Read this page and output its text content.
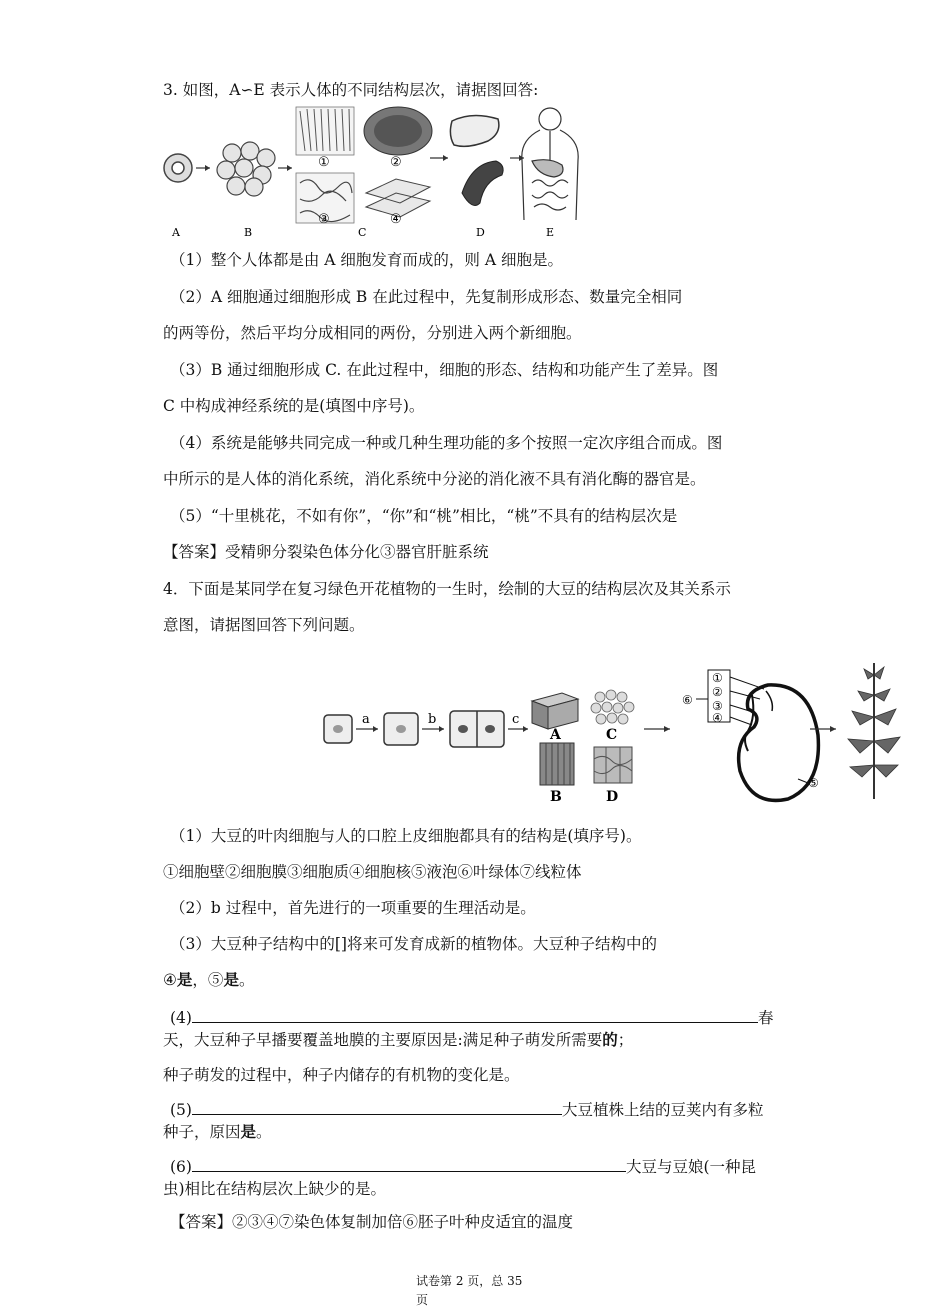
3. 如图，A∽E 表示人体的不同结构层次，请据图回答:
①	②
③	④
A	B	C	D	E
（1）整个人体都是由 A 细胞发育而成的，则 A 细胞是。
（2）A 细胞通过细胞形成 B 在此过程中，先复制形成形态、数量完全相同
的两等份，然后平均分成相同的两份，分别进入两个新细胞。
（3）B 通过细胞形成 C. 在此过程中，细胞的形态、结构和功能产生了差异。图
C 中构成神经系统的是(填图中序号)。
（4）系统是能够共同完成一种或几种生理功能的多个按照一定次序组合而成。图
中所示的是人体的消化系统，消化系统中分泌的消化液不具有消化酶的器官是。
（5）“十里桃花，不如有你”，“你”和“桃”相比，“桃”不具有的结构层次是
【答案】受精卵分裂染色体分化③器官肝脏系统
4．下面是某同学在复习绿色开花植物的一生时，绘制的大豆的结构层次及其关系示
意图，请据图回答下列问题。
a	b	c
A	C
B	D
①
②
③
④
⑤
⑥
（1）大豆的叶肉细胞与人的口腔上皮细胞都具有的结构是(填序号)。
①细胞壁②细胞膜③细胞质④细胞核⑤液泡⑥叶绿体⑦线粒体
（2）b 过程中，首先进行的一项重要的生理活动是。
（3）大豆种子结构中的[]将来可发育成新的植物体。大豆种子结构中的
④是，⑤是。
(4)	春
天，大豆种子早播要覆盖地膜的主要原因是:满足种子萌发所需要的；
种子萌发的过程中，种子内储存的有机物的变化是。
(5)	大豆植株上结的豆荚内有多粒
种子，原因是。
(6)	大豆与豆娘(一种昆
虫)相比在结构层次上缺少的是。
【答案】②③④⑦染色体复制加倍⑥胚子叶种皮适宜的温度
试卷第 2 页，总 35
页
